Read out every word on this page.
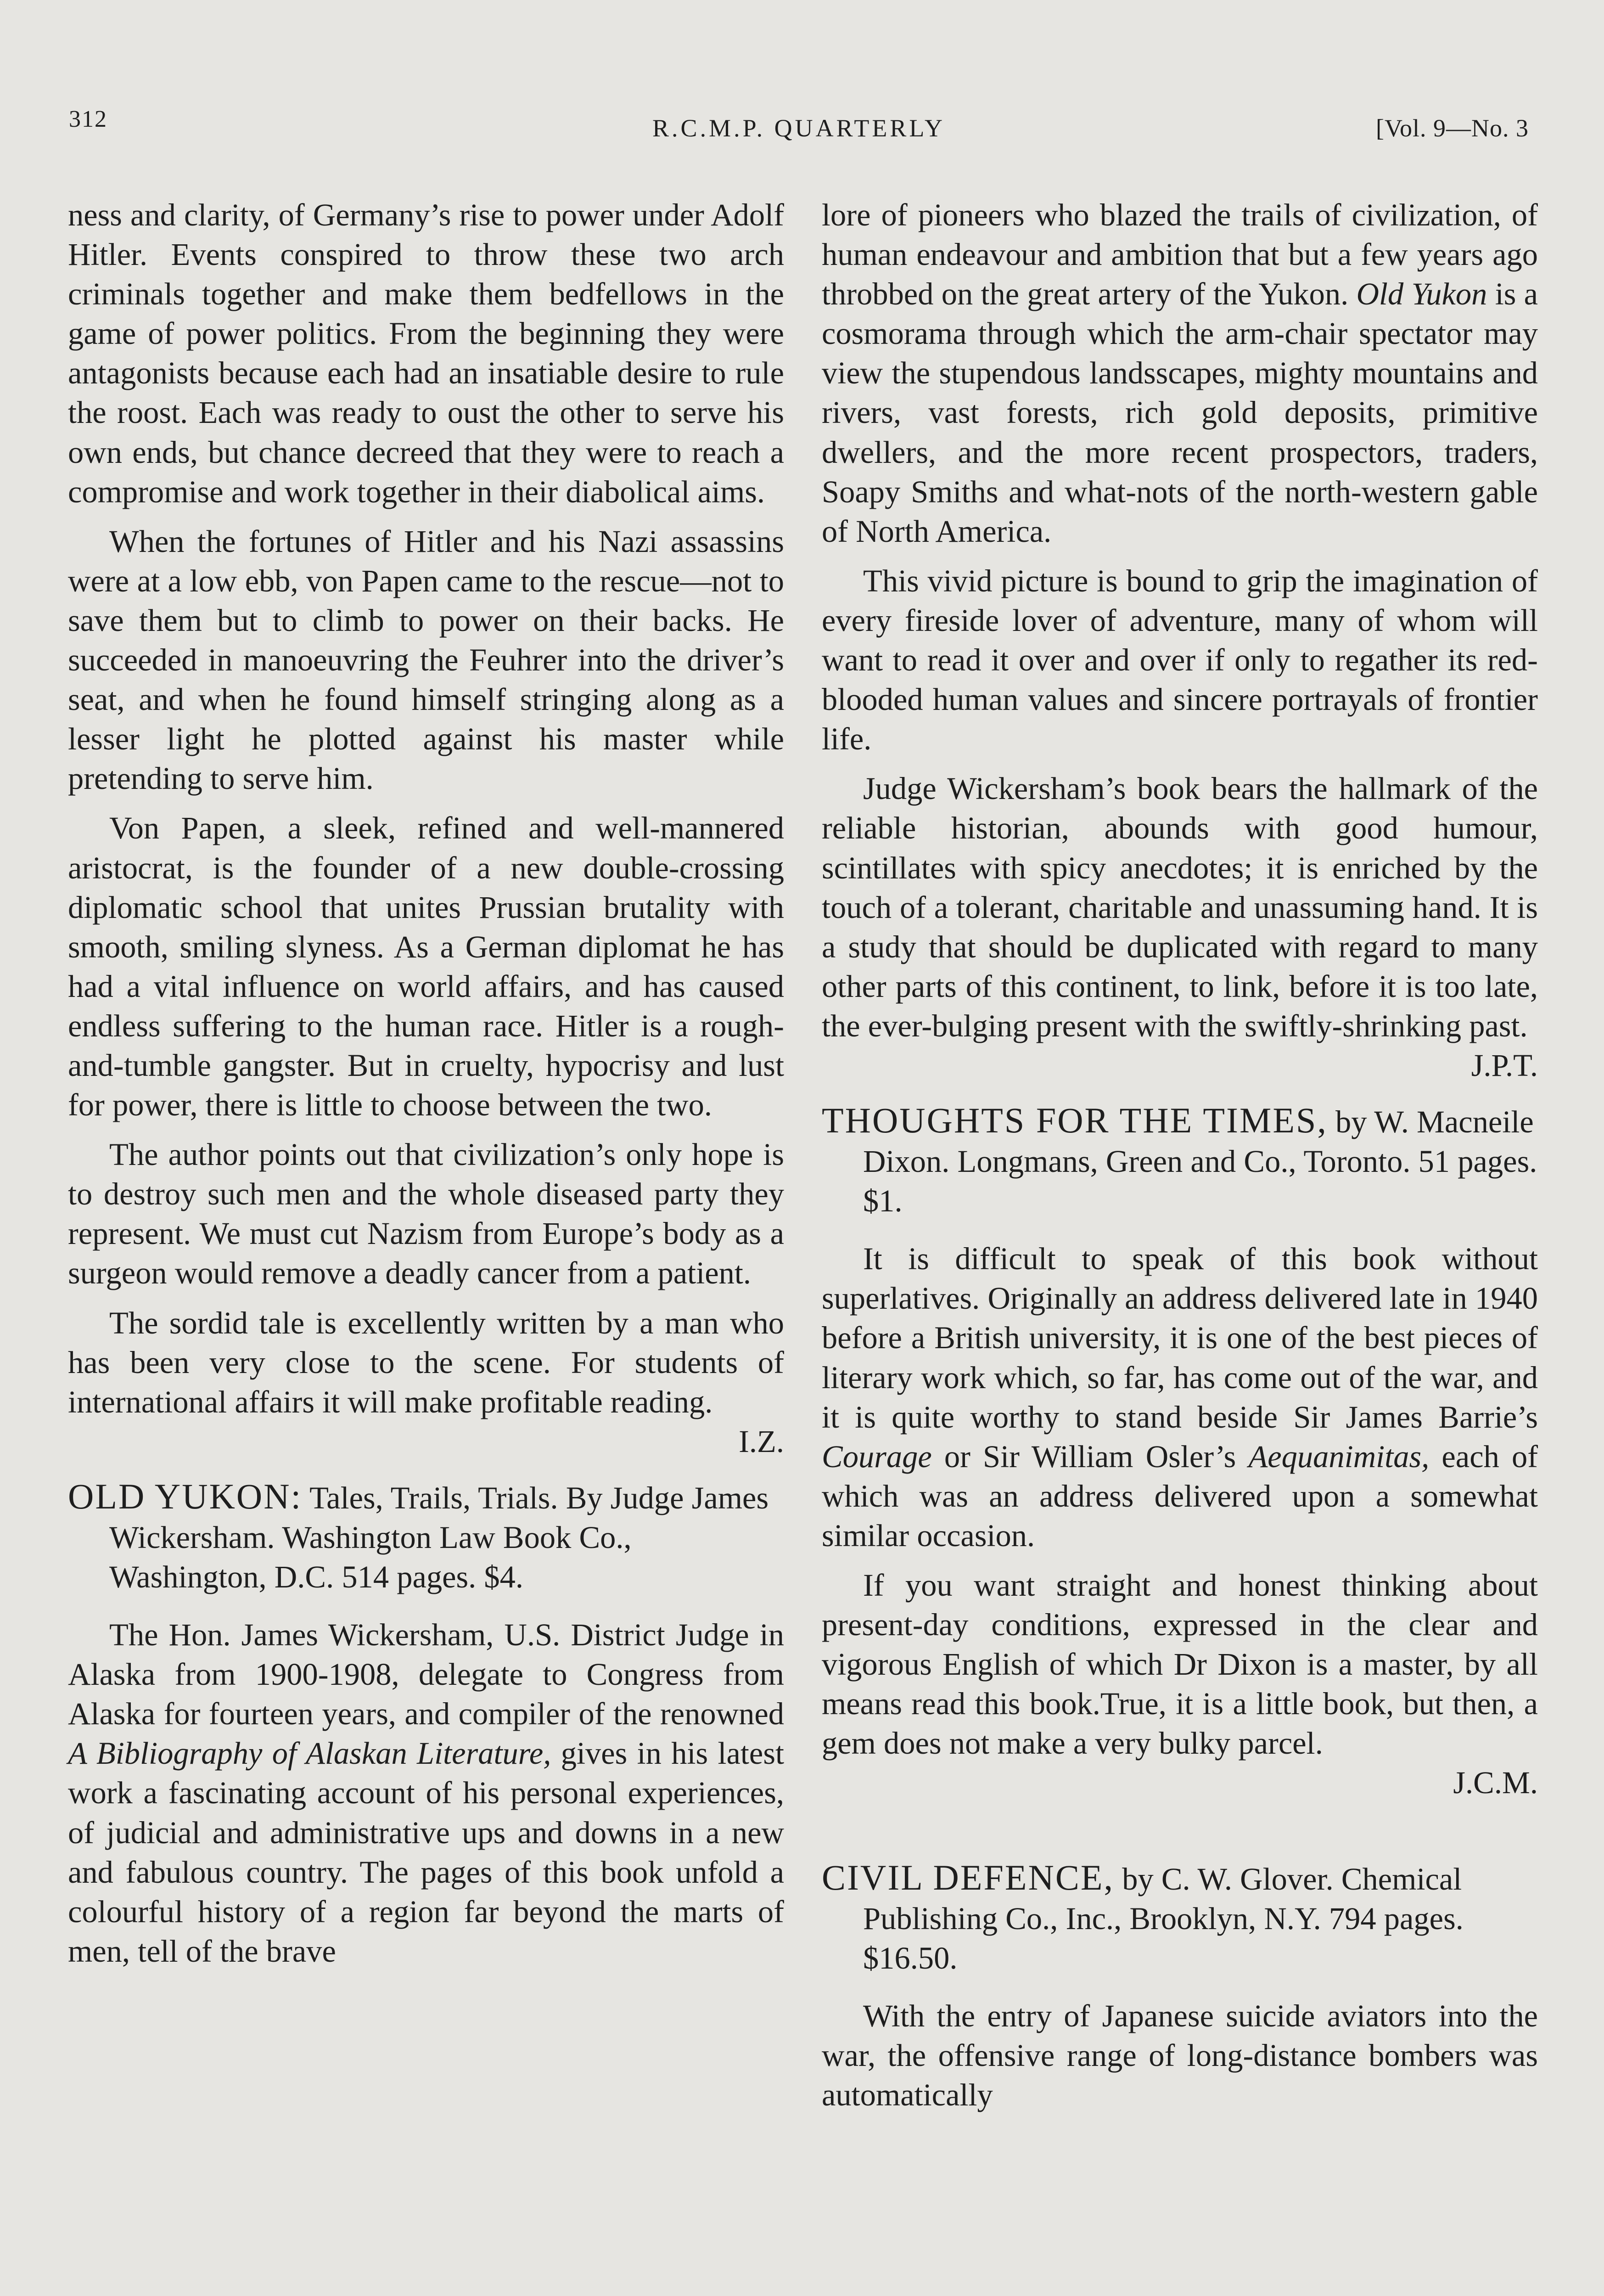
312	R.C.M.P. QUARTERLY	[Vol. 9—No. 3

ness and clarity, of Germany’s rise to power under Adolf Hitler. Events conspired to throw these two arch criminals together and make them bedfellows in the game of power politics. From the beginning they were antagonists because each had an insatiable desire to rule the roost. Each was ready to oust the other to serve his own ends, but chance decreed that they were to reach a compromise and work together in their diabolical aims.

When the fortunes of Hitler and his Nazi assassins were at a low ebb, von Papen came to the rescue—not to save them but to climb to power on their backs. He succeeded in manoeuvring the Feuhrer into the driver’s seat, and when he found himself stringing along as a lesser light he plotted against his master while pretending to serve him.

Von Papen, a sleek, refined and well-mannered aristocrat, is the founder of a new double-crossing diplomatic school that unites Prussian brutality with smooth, smiling slyness. As a German diplomat he has had a vital influence on world affairs, and has caused endless suffering to the human race. Hitler is a rough-and-tumble gangster. But in cruelty, hypocrisy and lust for power, there is little to choose between the two.

The author points out that civilization’s only hope is to destroy such men and the whole diseased party they represent. We must cut Nazism from Europe’s body as a surgeon would remove a deadly cancer from a patient.

The sordid tale is excellently written by a man who has been very close to the scene. For students of international affairs it will make profitable reading.
I.Z.

OLD YUKON: Tales, Trails, Trials. By Judge James Wickersham. Washington Law Book Co., Washington, D.C. 514 pages. $4.

The Hon. James Wickersham, U.S. District Judge in Alaska from 1900-1908, delegate to Congress from Alaska for fourteen years, and compiler of the renowned A Bibliography of Alaskan Literature, gives in his latest work a fascinating account of his personal experiences, of judicial and administrative ups and downs in a new and fabulous country. The pages of this book unfold a colourful history of a region far beyond the marts of men, tell of the brave

lore of pioneers who blazed the trails of civilization, of human endeavour and ambition that but a few years ago throbbed on the great artery of the Yukon. Old Yukon is a cosmorama through which the arm-chair spectator may view the stupendous landsscapes, mighty mountains and rivers, vast forests, rich gold deposits, primitive dwellers, and the more recent prospectors, traders, Soapy Smiths and what-nots of the north-western gable of North America.

This vivid picture is bound to grip the imagination of every fireside lover of adventure, many of whom will want to read it over and over if only to regather its red-blooded human values and sincere portrayals of frontier life.

Judge Wickersham’s book bears the hallmark of the reliable historian, abounds with good humour, scintillates with spicy anecdotes; it is enriched by the touch of a tolerant, charitable and unassuming hand. It is a study that should be duplicated with regard to many other parts of this continent, to link, before it is too late, the ever-bulging present with the swiftly-shrinking past.
J.P.T.

THOUGHTS FOR THE TIMES, by W. Macneile Dixon. Longmans, Green and Co., Toronto. 51 pages. $1.

It is difficult to speak of this book without superlatives. Originally an address delivered late in 1940 before a British university, it is one of the best pieces of literary work which, so far, has come out of the war, and it is quite worthy to stand beside Sir James Barrie’s Courage or Sir William Osler’s Aequanimitas, each of which was an address delivered upon a somewhat similar occasion.

If you want straight and honest thinking about present-day conditions, expressed in the clear and vigorous English of which Dr Dixon is a master, by all means read this book.True, it is a little book, but then, a gem does not make a very bulky parcel.

J.C.M.

CIVIL DEFENCE, by C. W. Glover. Chemical Publishing Co., Inc., Brooklyn, N.Y. 794 pages. $16.50.

With the entry of Japanese suicide aviators into the war, the offensive range of long-distance bombers was automatically
